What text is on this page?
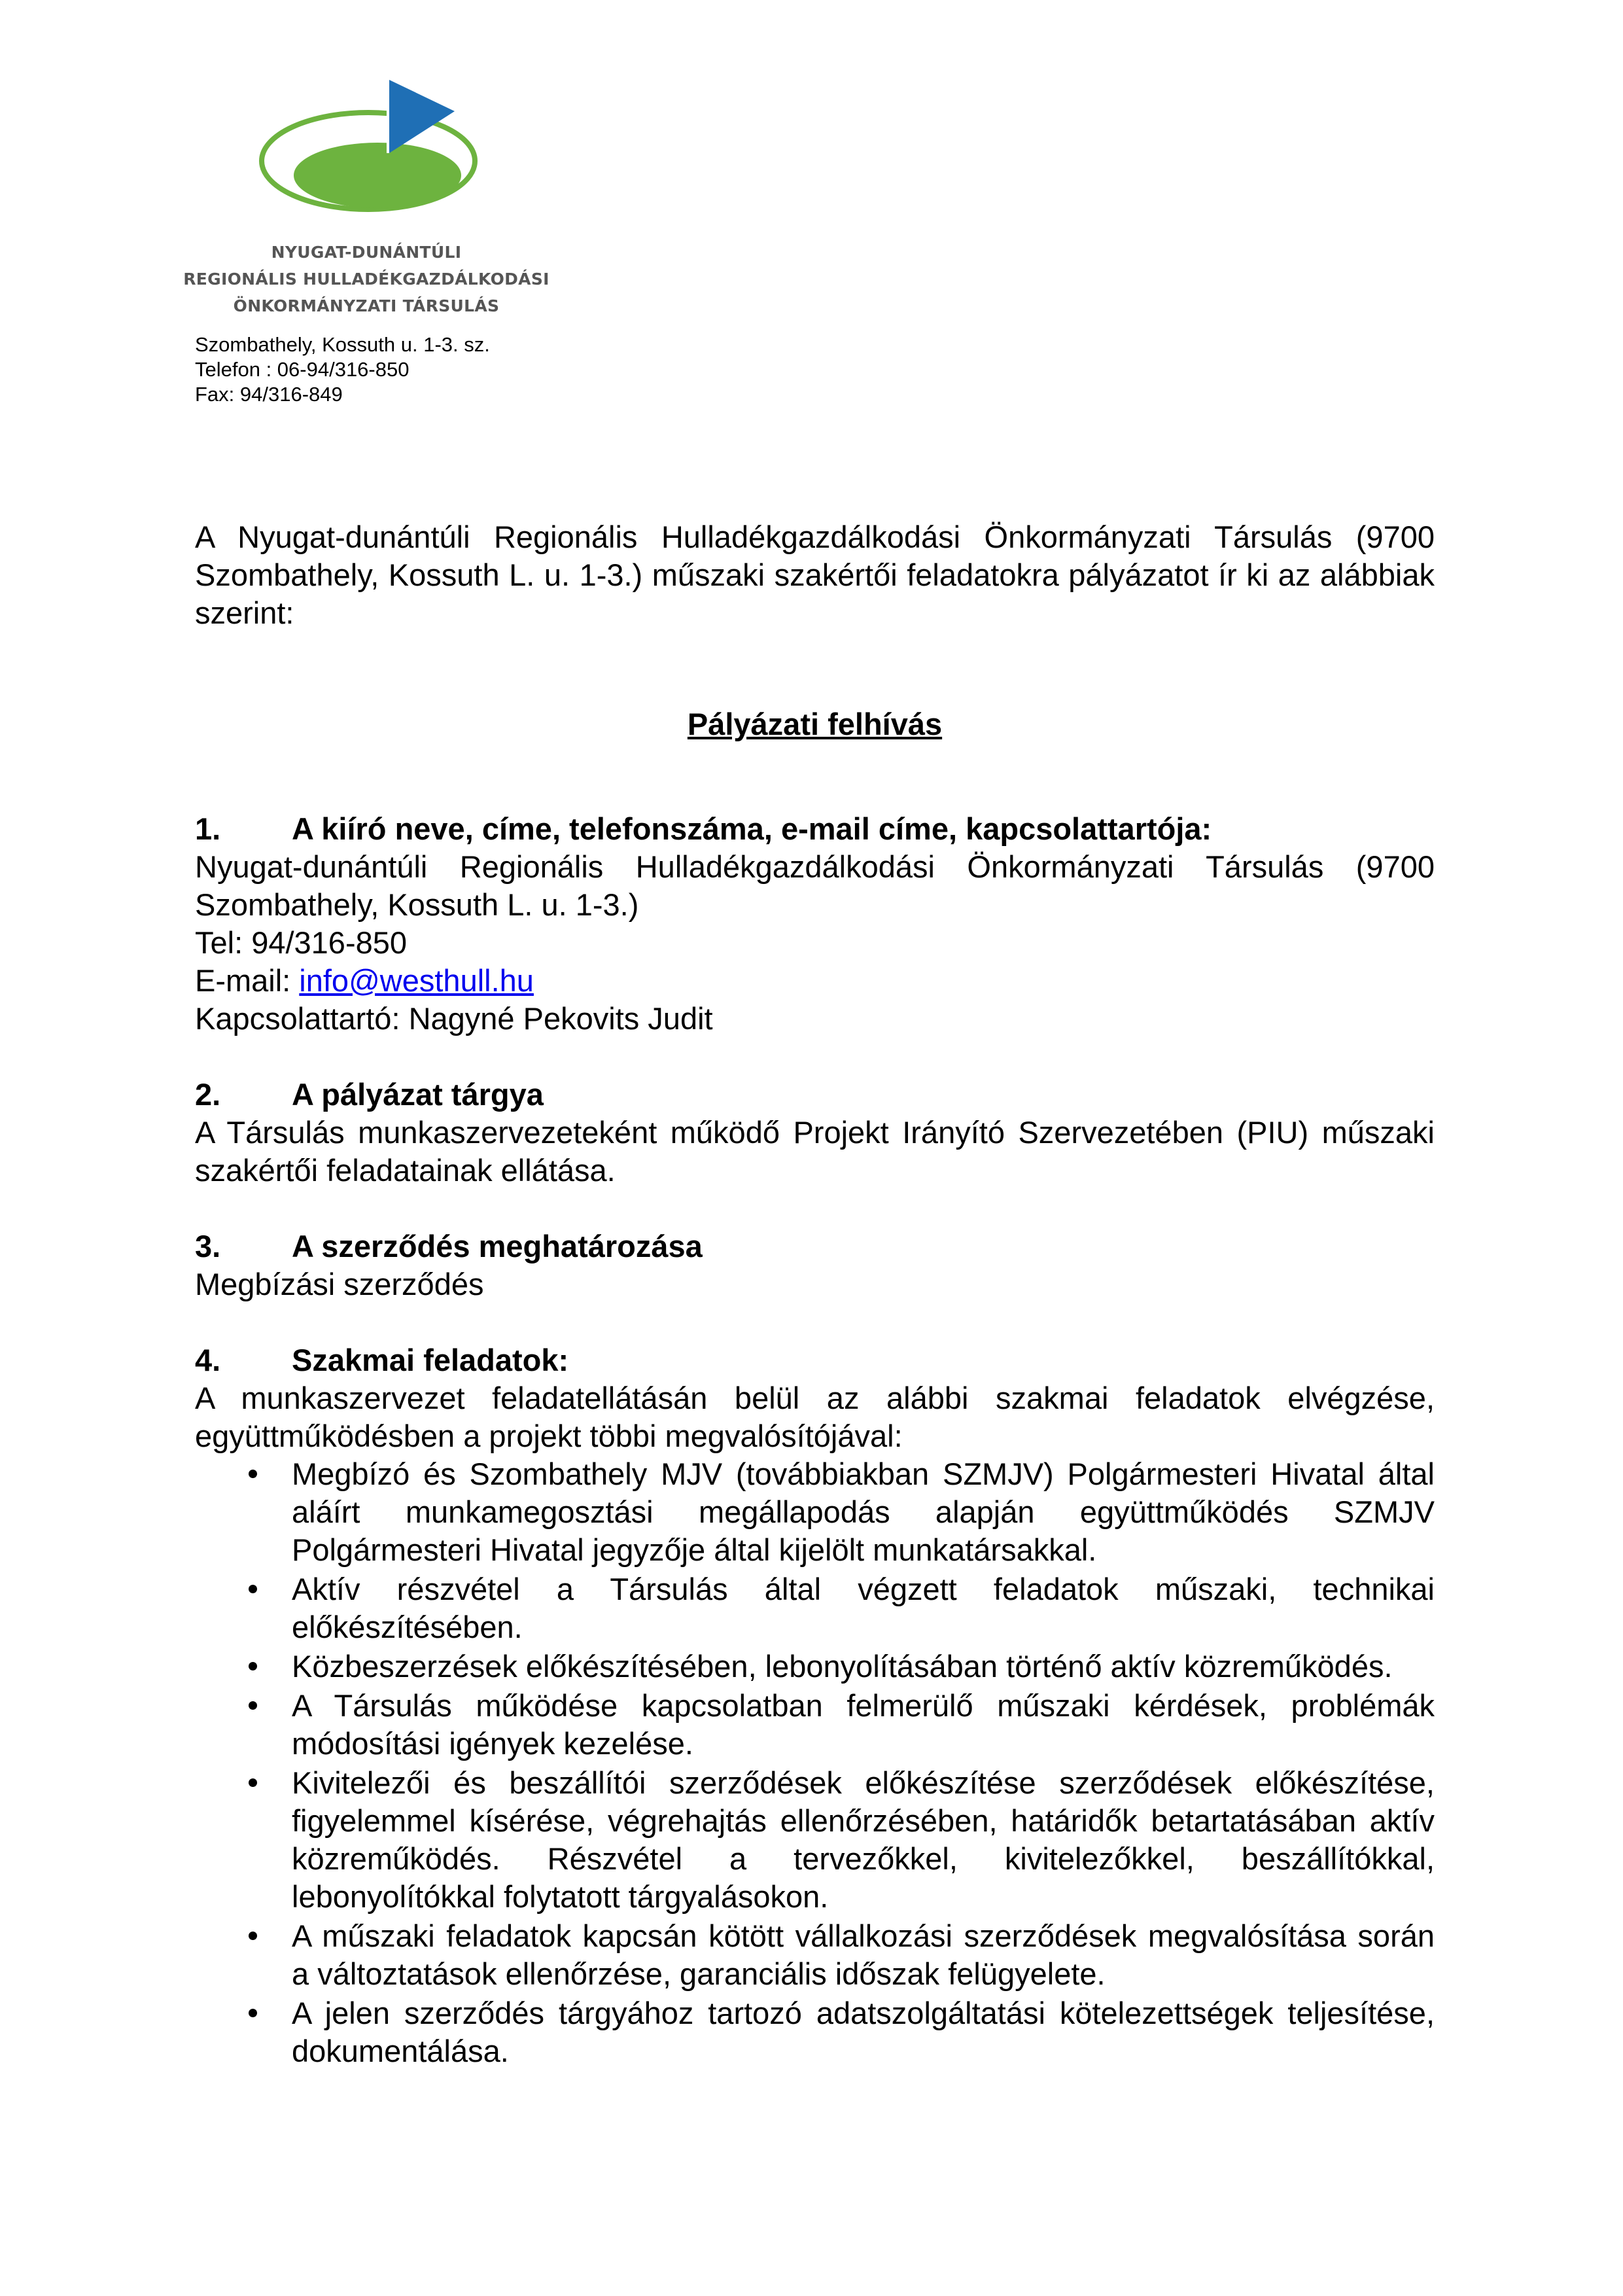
NYUGAT-DUNÁNTÚLI
REGIONÁLIS HULLADÉKGAZDÁLKODÁSI
ÖNKORMÁNYZATI TÁRSULÁS
Szombathely, Kossuth u. 1-3. sz.
Telefon : 06-94/316-850
Fax: 94/316-849

A Nyugat-dunántúli Regionális Hulladékgazdálkodási Önkormányzati Társulás (9700 Szombathely, Kossuth L. u. 1-3.) műszaki szakértői feladatokra pályázatot ír ki az alábbiak szerint:

Pályázati felhívás
1.	A kiíró neve, címe, telefonszáma, e-mail címe, kapcsolattartója:

Nyugat-dunántúli Regionális Hulladékgazdálkodási Önkormányzati Társulás (9700 Szombathely, Kossuth L. u. 1-3.)

Tel: 94/316-850
E-mail: info@westhull.hu
Kapcsolattartó: Nagyné Pekovits Judit
2.	A pályázat tárgya

A Társulás munkaszervezeteként működő Projekt Irányító Szervezetében (PIU) műszaki szakértői feladatainak ellátása.

3.	A szerződés meghatározása

Megbízási szerződés

4.	Szakmai feladatok:

A munkaszervezet feladatellátásán belül az alábbi szakmai feladatok elvégzése, együttműködésben a projekt többi megvalósítójával:

Megbízó és Szombathely MJV (továbbiakban SZMJV) Polgármesteri Hivatal által aláírt munkamegosztási megállapodás alapján együttműködés SZMJV Polgármesteri Hivatal jegyzője által kijelölt munkatársakkal.
Aktív részvétel a Társulás által végzett feladatok műszaki, technikai előkészítésében.
Közbeszerzések előkészítésében, lebonyolításában történő aktív közreműködés.
A Társulás működése kapcsolatban felmerülő műszaki kérdések, problémák módosítási igények kezelése.
Kivitelezői és beszállítói szerződések előkészítése szerződések előkészítése, figyelemmel kísérése, végrehajtás ellenőrzésében, határidők betartatásában aktív közreműködés. Részvétel a tervezőkkel, kivitelezőkkel, beszállítókkal, lebonyolítókkal folytatott tárgyalásokon.
A műszaki feladatok kapcsán kötött vállalkozási szerződések megvalósítása során a változtatások ellenőrzése, garanciális időszak felügyelete.
A jelen szerződés tárgyához tartozó adatszolgáltatási kötelezettségek teljesítése, dokumentálása.
